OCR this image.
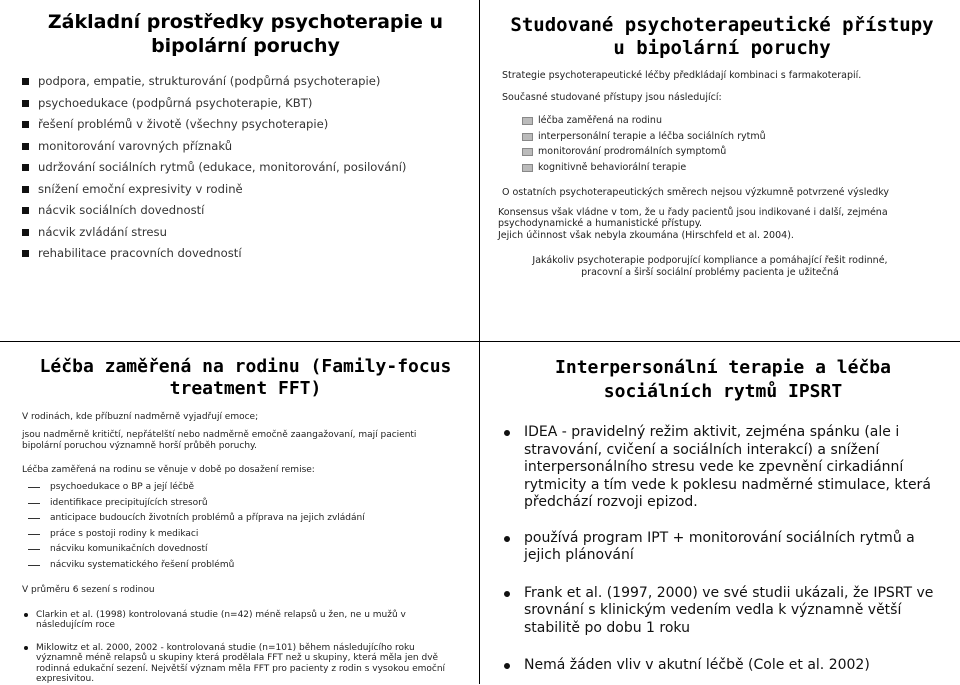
Základní prostředky psychoterapie u bipolární poruchy
podpora, empatie, strukturování (podpůrná psychoterapie)
psychoedukace (podpůrná psychoterapie, KBT)
řešení problémů v životě (všechny psychoterapie)
monitorování varovných příznaků
udržování sociálních rytmů (edukace, monitorování, posilování)
snížení emoční expresivity v rodině
nácvik sociálních dovedností
nácvik zvládání stresu
rehabilitace pracovních dovedností
Studované psychoterapeutické přístupy u bipolární poruchy
Strategie psychoterapeutické léčby předkládají kombinaci s farmakoterapií.
Současné studované přístupy jsou následující:
léčba zaměřená na rodinu
interpersonální terapie a léčba sociálních rytmů
monitorování prodromálních symptomů
kognitivně behaviorální terapie
O ostatních psychoterapeutických směrech nejsou výzkumně potvrzené výsledky
Konsensus však vládne v tom, že u řady pacientů jsou indikované i další, zejména psychodynamické a humanistické přístupy.
Jejich účinnost však nebyla zkoumána (Hirschfeld et al. 2004).
Jakákoliv psychoterapie podporující kompliance a pomáhající řešit rodinné, pracovní a širší sociální problémy pacienta je užitečná
Léčba zaměřená na rodinu (Family-focus treatment FFT)
V rodinách, kde příbuzní nadměrně vyjadřují emoce;
jsou nadměrně kritičtí, nepřátelští nebo nadměrně emočně zaangažovaní, mají pacienti bipolární poruchou významně horší průběh poruchy.
Léčba zaměřená na rodinu se věnuje v době po dosažení remise:
psychoedukace o BP a její léčbě
identifikace precipitujících stresorů
anticipace budoucích životních problémů a příprava na jejich zvládání
práce s postoji rodiny k medikaci
nácviku komunikačních dovedností
nácviku systematického řešení problémů
V průměru 6 sezení s rodinou
Clarkin et al. (1998) kontrolovaná studie (n=42) méně relapsů u žen, ne u mužů v následujícím roce
Miklowitz et al. 2000, 2002 - kontrolovaná studie (n=101) během následujícího roku významně méně relapsů u skupiny která prodělala FFT než u skupiny, která měla jen dvě rodinná edukační sezení. Největší význam měla FFT pro pacienty z rodin s vysokou emoční expresivitou.
Interpersonální terapie a léčba sociálních rytmů IPSRT
IDEA - pravidelný režim aktivit, zejména spánku (ale i stravování, cvičení a sociálních interakcí) a snížení interpersonálního stresu vede ke zpevnění cirkadiánní rytmicity a tím vede k poklesu nadměrné stimulace, která předchází rozvoji epizod.
používá program IPT + monitorování sociálních rytmů a jejich plánování
Frank et al. (1997, 2000) ve své studii ukázali, že IPSRT ve srovnání s klinickým vedením vedla k významně větší stabilitě po dobu 1 roku
Nemá žáden vliv v akutní léčbě (Cole et al. 2002)
